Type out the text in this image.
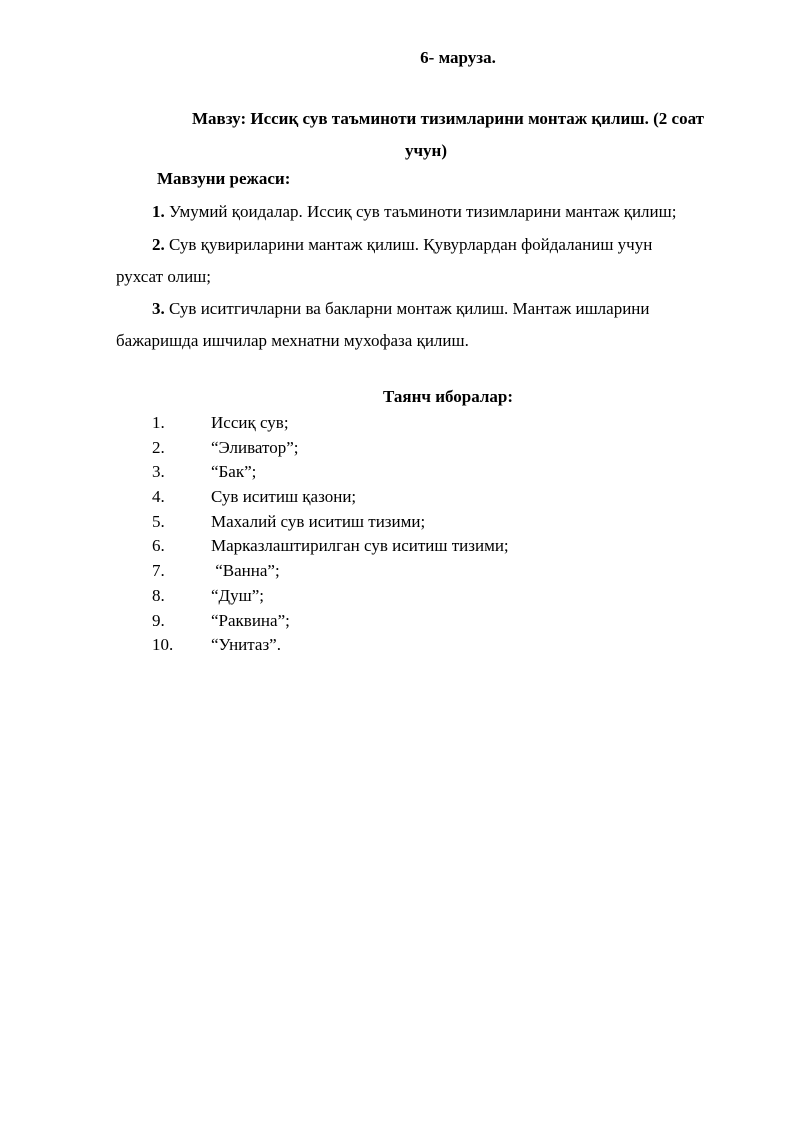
6- маруза.
Мавзу: Иссиқ сув таъминоти тизимларини монтаж қилиш. (2 соат
учун)
Мавзуни режаси:
1. Умумий қоидалар. Иссиқ сув таъминоти тизимларини мантаж қилиш;
2. Сув қувириларини мантаж қилиш. Қувурлардан фойдаланиш учун
рухсат олиш;
3. Сув иситгичларни ва бакларни монтаж қилиш. Мантаж ишларини
бажаришда ишчилар мехнатни мухофаза қилиш.
Таянч иборалар:
1.	Иссиқ сув;
2.	“Эливатор”;
3.	“Бак”;
4.	Сув иситиш қазони;
5.	Махалий сув иситиш тизими;
6.	Марказлаштирилган сув иситиш тизими;
7.	“Ванна”;
8.	“Душ”;
9.	“Раквина”;
10.	“Унитаз”.
